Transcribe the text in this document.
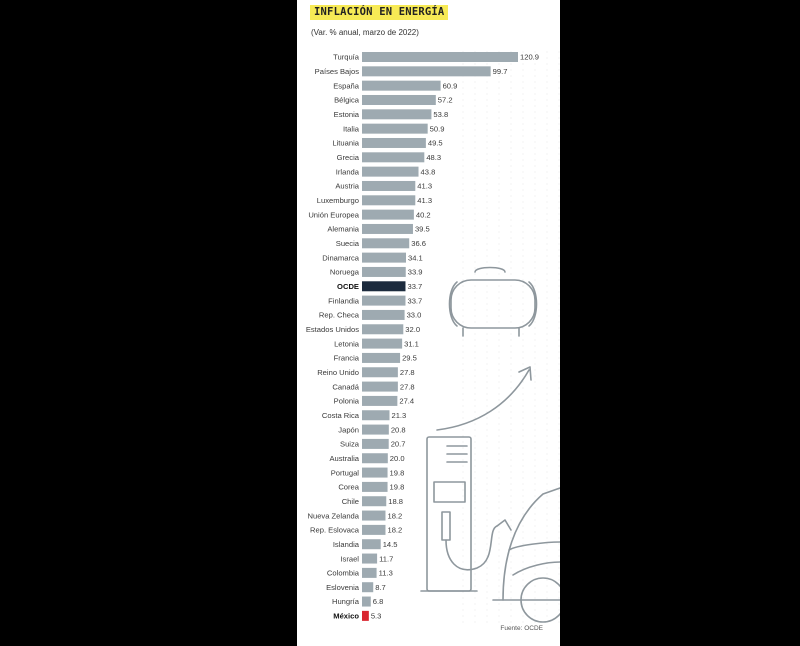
Turquía	120.9
Países Bajos	99.7
España	60.9
Bélgica	57.2
Estonia	53.8
Italia	50.9
Lituania	49.5
Grecia	48.3
Irlanda	43.8
Austria	41.3
Luxemburgo	41.3
Unión Europea	40.2
Alemania	39.5
Suecia	36.6
Dinamarca	34.1
Noruega	33.9
OCDE	33.7
Finlandia	33.7
Rep. Checa	33.0
Estados Unidos	32.0
Letonia	31.1
Francia	29.5
Reino Unido	27.8
Canadá	27.8
Polonia	27.4
Costa Rica	21.3
Japón	20.8
Suiza	20.7
Australia	20.0
Portugal	19.8
Corea	19.8
Chile	18.8
Nueva Zelanda	18.2
Rep. Eslovaca	18.2
Islandia	14.5
Israel	11.7
Colombia	11.3
Eslovenia 8.7
Hungría 6.8
México 5.3
INFLACIÓN EN ENERGÍA
(Var. % anual, marzo de 2022)
Fuente: OCDE
